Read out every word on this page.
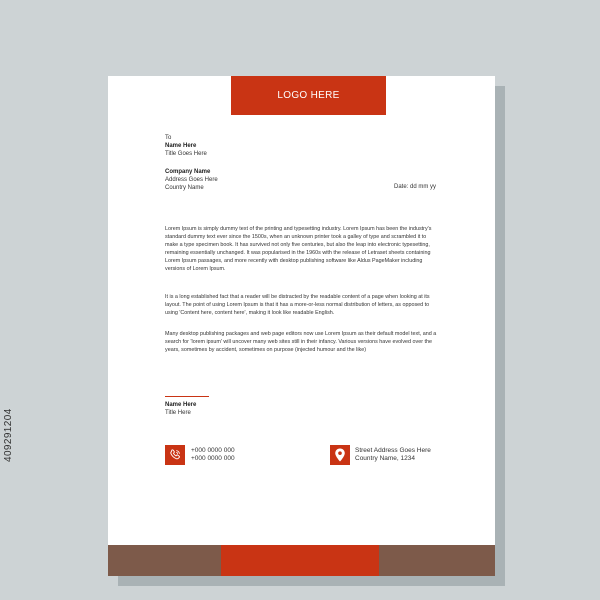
LOGO HERE
To
Name Here
Title Goes Here
Company Name
Address Goes Here
Country Name	Date: dd mm yy
Lorem Ipsum is simply dummy text of the printing and typesetting industry. Lorem Ipsum has been the industry's standard dummy text ever since the 1500s, when an unknown printer took a galley of type and scrambled it to make a type specimen book. It has survived not only five centuries, but also the leap into electronic typesetting, remaining essentially unchanged. It was popularised in the 1960s with the release of Letraset sheets containing Lorem Ipsum passages, and more recently with desktop publishing software like Aldus PageMaker including versions of Lorem Ipsum.
It is a long established fact that a reader will be distracted by the readable content of a page when looking at its layout. The point of using Lorem Ipsum is that it has a more-or-less normal distribution of letters, as opposed to using 'Content here, content here', making it look like readable English.
Many desktop publishing packages and web page editors now use Lorem Ipsum as their default model text, and a search for 'lorem ipsum' will uncover many web sites still in their infancy. Various versions have evolved over the years, sometimes by accident, sometimes on purpose (injected humour and the like)
Name Here
Title Here
+000 0000 000
+000 0000 000
Street Address Goes Here
Country Name, 1234
409291204
